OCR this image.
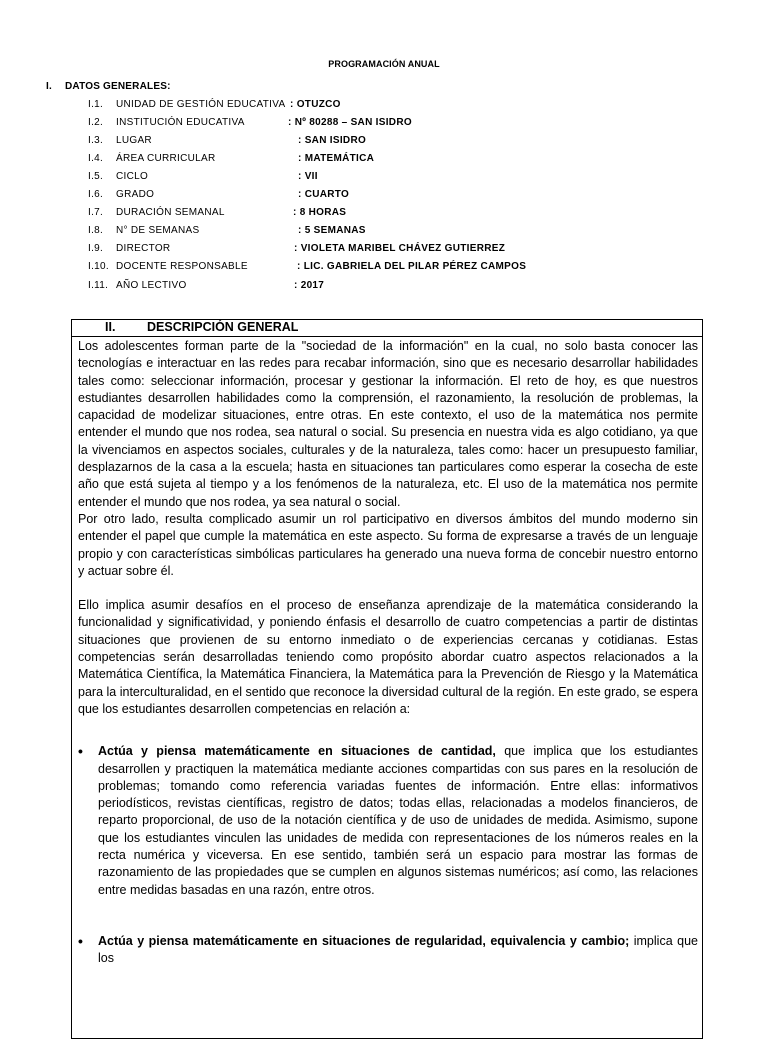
PROGRAMACIÓN ANUAL
I. DATOS GENERALES:
I.1. UNIDAD DE GESTIÓN EDUCATIVA : OTUZCO
I.2. INSTITUCIÓN EDUCATIVA	: Nº 80288 – SAN ISIDRO
I.3. LUGAR	: SAN ISIDRO
I.4. ÁREA CURRICULAR	: MATEMÁTICA
I.5. CICLO	: VII
I.6. GRADO	: CUARTO
I.7. DURACIÓN SEMANAL	: 8 HORAS
I.8. N° DE SEMANAS	: 5 SEMANAS
I.9. DIRECTOR	: VIOLETA MARIBEL CHÁVEZ GUTIERREZ
I.10. DOCENTE RESPONSABLE	: LIC. GABRIELA DEL PILAR PÉREZ CAMPOS
I.11. AÑO LECTIVO	: 2017
II.	DESCRIPCIÓN GENERAL

Los adolescentes forman parte de la "sociedad de la información" en la cual, no solo basta conocer las tecnologías e interactuar en las redes para recabar información, sino que es necesario desarrollar habilidades tales como: seleccionar información, procesar y gestionar la información. El reto de hoy, es que nuestros estudiantes desarrollen habilidades como la comprensión, el razonamiento, la resolución de problemas, la capacidad de modelizar situaciones, entre otras. En este contexto, el uso de la matemática nos permite entender el mundo que nos rodea, sea natural o social. Su presencia en nuestra vida es algo cotidiano, ya que la vivenciamos en aspectos sociales, culturales y de la naturaleza, tales como: hacer un presupuesto familiar, desplazarnos de la casa a la escuela; hasta en situaciones tan particulares como esperar la cosecha de este año que está sujeta al tiempo y a los fenómenos de la naturaleza, etc. El uso de la matemática nos permite entender el mundo que nos rodea, ya sea natural o social.

Por otro lado, resulta complicado asumir un rol participativo en diversos ámbitos del mundo moderno sin entender el papel que cumple la matemática en este aspecto. Su forma de expresarse a través de un lenguaje propio y con características simbólicas particulares ha generado una nueva forma de concebir nuestro entorno y actuar sobre él.

Ello implica asumir desafíos en el proceso de enseñanza aprendizaje de la matemática considerando la funcionalidad y significatividad, y poniendo énfasis el desarrollo de cuatro competencias a partir de distintas situaciones que provienen de su entorno inmediato o de experiencias cercanas y cotidianas. Estas competencias serán desarrolladas teniendo como propósito abordar cuatro aspectos relacionados a la Matemática Científica, la Matemática Financiera, la Matemática para la Prevención de Riesgo y la Matemática para la interculturalidad, en el sentido que reconoce la diversidad cultural de la región. En este grado, se espera que los estudiantes desarrollen competencias en relación a:

• Actúa y piensa matemáticamente en situaciones de cantidad, que implica que los estudiantes desarrollen y practiquen la matemática mediante acciones compartidas con sus pares en la resolución de problemas; tomando como referencia variadas fuentes de información. Entre ellas: informativos periodísticos, revistas científicas, registro de datos; todas ellas, relacionadas a modelos financieros, de reparto proporcional, de uso de la notación científica y de uso de unidades de medida. Asimismo, supone que los estudiantes vinculen las unidades de medida con representaciones de los números reales en la recta numérica y viceversa. En ese sentido, también será un espacio para mostrar las formas de razonamiento de las propiedades que se cumplen en algunos sistemas numéricos; así como, las relaciones entre medidas basadas en una razón, entre otros.

• Actúa y piensa matemáticamente en situaciones de regularidad, equivalencia y cambio; implica que los
